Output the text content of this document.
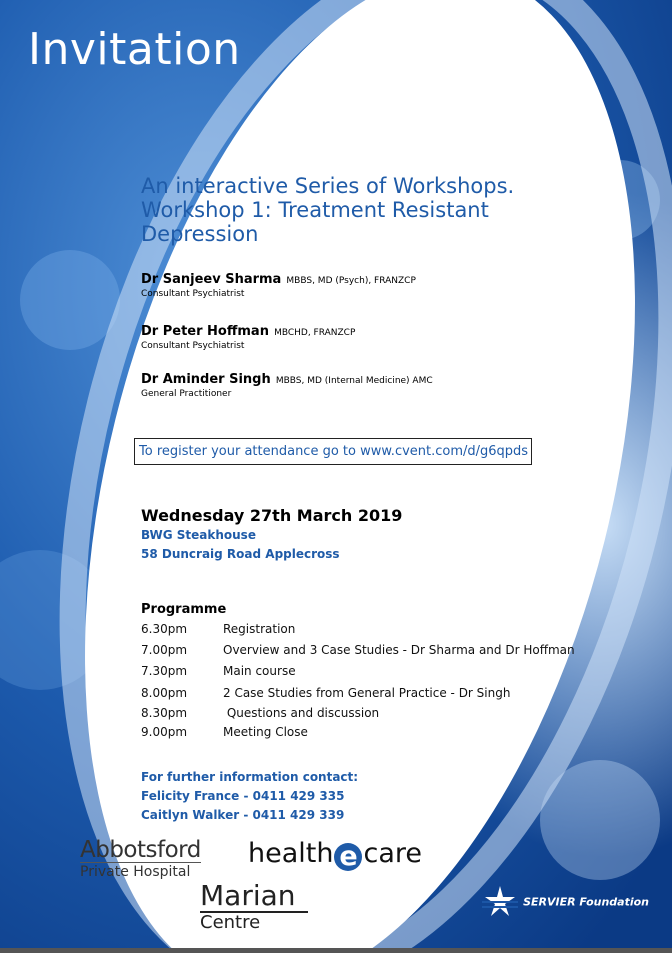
Invitation
An interactive Series of Workshops.
Workshop 1: Treatment Resistant
Depression
Dr Sanjeev Sharma MBBS, MD (Psych), FRANZCP
Consultant Psychiatrist
Dr Peter Hoffman MBCHD, FRANZCP
Consultant Psychiatrist
Dr Aminder Singh MBBS, MD (Internal Medicine) AMC
General Practitioner
To register your attendance go to www.cvent.com/d/g6qpds
Wednesday 27th March 2019
BWG Steakhouse
58 Duncraig Road Applecross
Programme
6.30pm	Registration
7.00pm	Overview and 3 Case Studies - Dr Sharma and Dr Hoffman
7.30pm	Main course
8.00pm	2 Case Studies from General Practice - Dr Singh
8.30pm	Questions and discussion
9.00pm	Meeting Close
For further information contact:
Felicity France - 0411 429 335
Caitlyn Walker - 0411 429 339
Abbotsford
Private Hospital
health e care
Marian
Centre
SERVIER Foundation
